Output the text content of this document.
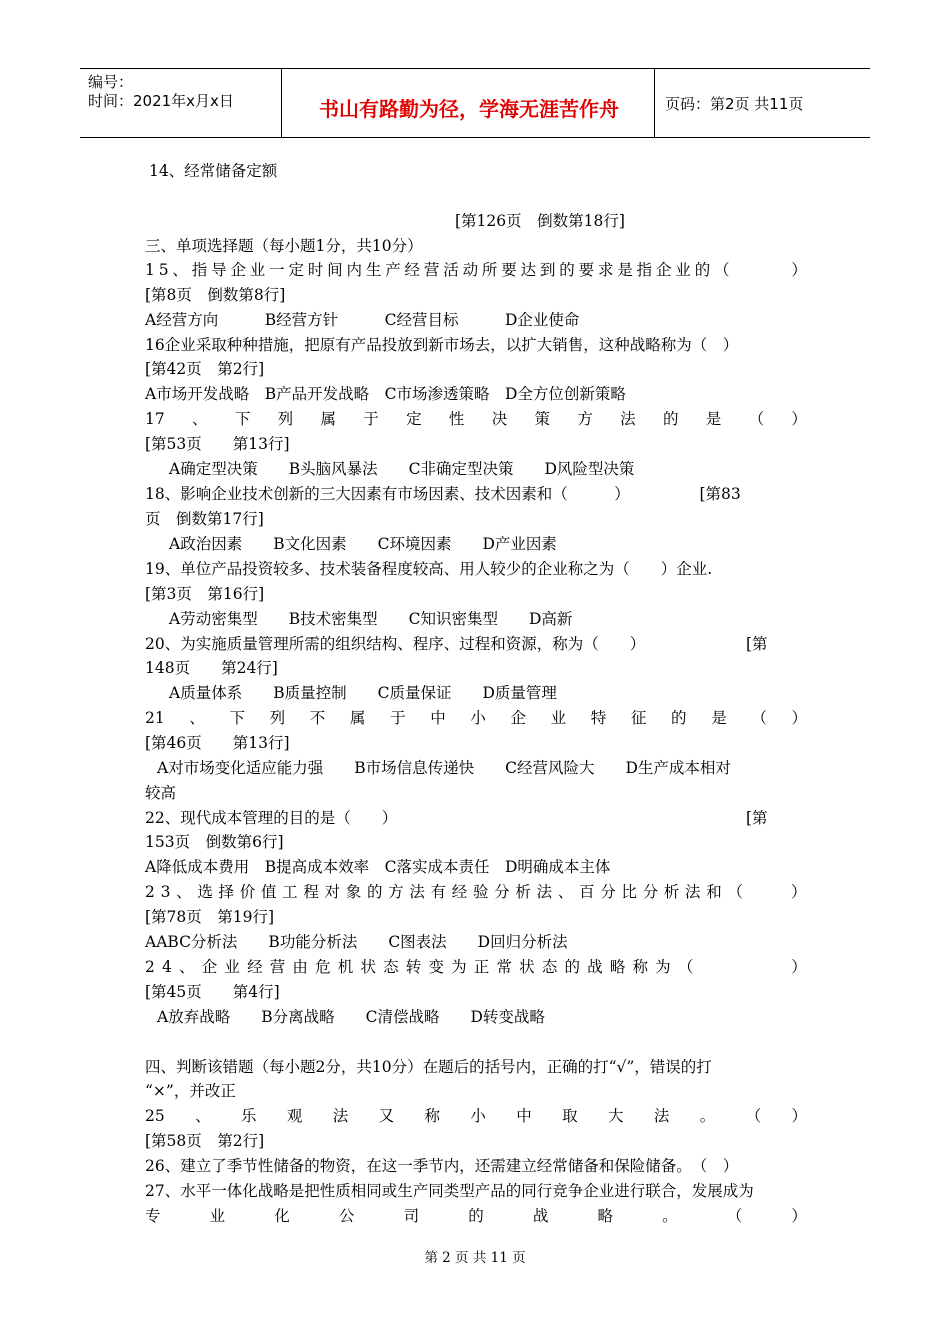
编号：
时间：2021年x月x日	书山有路勤为径，学海无涯苦作舟	页码：第2页 共11页
14、经常储备定额
[第126页　倒数第18行]
三、单项选择题（每小题1分，共10分）
1 5 、 指 导 企 业 一 定 时 间 内 生 产 经 营 活 动 所 要 达 到 的 要 求 是 指 企 业 的 （

　	）
[第8页　倒数第8行]
A经营方向　　　B经营方针　　　C经营目标　　　D企业使命
16企业采取种种措施，把原有产品投放到新市场去，以扩大销售，这种战略称为（　）
[第42页　第2行]
A市场开发战略　B产品开发战略　C市场渗透策略　D全方位创新策略
17 、 下 列 属 于 定 性 决 策 方 法 的 是 （ ）
[第53页　　第13行]
A确定型决策　　B头脑风暴法　　C非确定型决策　　D风险型决策
18、影响企业技术创新的三大因素有市场因素、技术因素和（　　　）　　　　　[第83
页　倒数第17行]
A政治因素　　B文化因素　　C环境因素　　D产业因素
19、单位产品投资较多、技术装备程度较高、用人较少的企业称之为（　　）企业.
[第3页　第16行]
A劳动密集型　　B技术密集型　　C知识密集型　　D高新
20、为实施质量管理所需的组织结构、程序、过程和资源，称为（　　）　　　　　　　[第
148页　　第24行]
A质量体系　　B质量控制　　C质量保证　　D质量管理
21 、 下 列 不 属 于 中 小 企 业 特 征 的 是 （ ）
[第46页　　第13行]
A对市场变化适应能力强　　B市场信息传递快　　C经营风险大　　D生产成本相对
较高
22、现代成本管理的目的是（　　）　　　　　　　　　　　　　　　　　　　　　　　[第
153页　倒数第6行]
A降低成本费用　B提高成本效率　C落实成本责任　D明确成本主体
2 3 、 选 择 价 值 工 程 对 象 的 方 法 有 经 验 分 析 法 、 百 分 比 分 析 法 和 （

　	）
[第78页　第19行]
AABC分析法　　B功能分析法　　C图表法　　D回归分析法
2 4 、 企 业 经 营 由 危 机 状 态 转 变 为 正 常 状 态 的 战 略 称 为 （

　	）
[第45页　　第4行]
A放弃战略　　B分离战略　　C清偿战略　　D转变战略
四、判断该错题（每小题2分，共10分）在题后的括号内，正确的打“√”，错误的打
“×”，并改正
25 、 乐 观 法 又 称 小 中 取 大 法 。 （ ）
[第58页　第2行]
26、建立了季节性储备的物资，在这一季节内，还需建立经常储备和保险储备。　（　）
27、水平一体化战略是把性质相同或生产同类型产品的同行竞争企业进行联合，发展成为
专	业	化	公	司	的	战	略	。	（	）
第 2 页 共 11 页
